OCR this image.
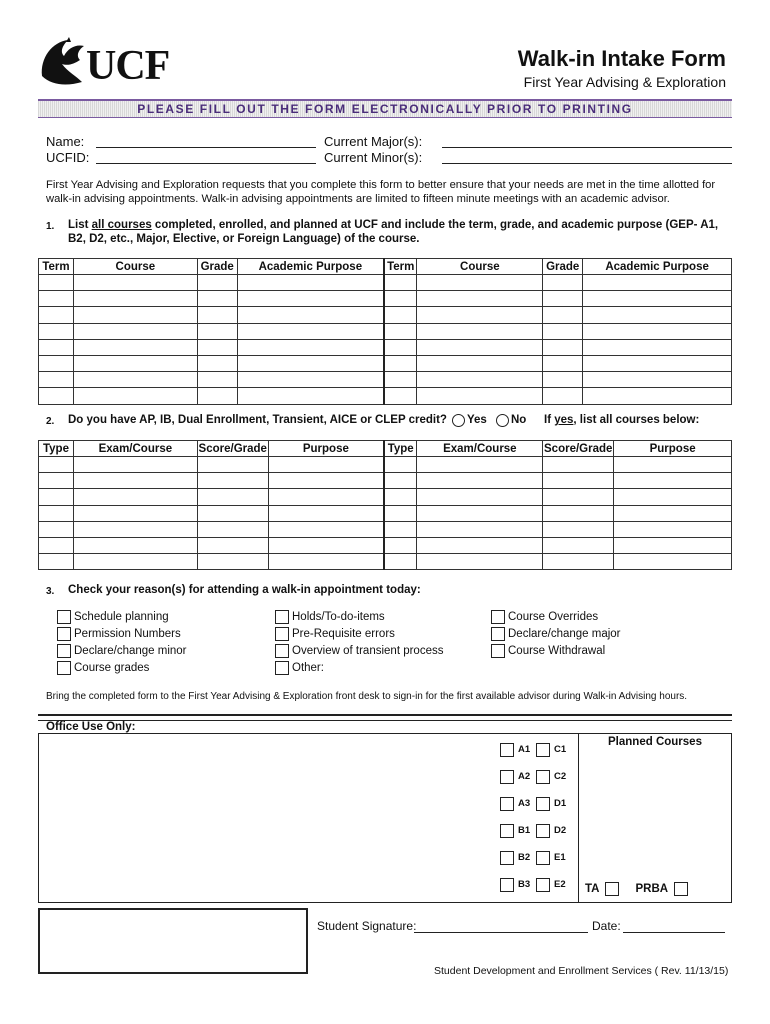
UCF	Walk-in Intake Form
First Year Advising & Exploration
PLEASE FILL OUT THE FORM ELECTRONICALLY PRIOR TO PRINTING
Name:
UCFID:
Current Major(s):
Current Minor(s):
First Year Advising and Exploration requests that you complete this form to better ensure that your needs are met in the time allotted for walk-in advising appointments. Walk-in advising appointments are limited to fifteen minute meetings with an academic advisor.
1. List all courses completed, enrolled, and planned at UCF and include the term, grade, and academic purpose (GEP- A1, B2, D2, etc., Major, Elective, or Foreign Language) of the course.
Term	Course	Grade	Academic Purpose	Term	Course	Grade	Academic Purpose

2. Do you have AP, IB, Dual Enrollment, Transient, AICE or CLEP credit? Yes No If yes, list all courses below:
Type	Exam/Course	Score/Grade	Purpose	Type	Exam/Course	Score/Grade	Purpose

3. Check your reason(s) for attending a walk-in appointment today:
Schedule planning
Permission Numbers
Declare/change minor
Course grades
Holds/To-do-items
Pre-Requisite errors
Overview of transient process
Other:
Course Overrides
Declare/change major
Course Withdrawal
Bring the completed form to the First Year Advising & Exploration front desk to sign-in for the first available advisor during Walk-in Advising hours.
Office Use Only:
Planned Courses
A1	C1
A2	C2
A3	D1
B1	D2
B2	E1
B3	E2 TA	PRBA
Student Signature:	Date:
Student Development and Enrollment Services ( Rev. 11/13/15)
